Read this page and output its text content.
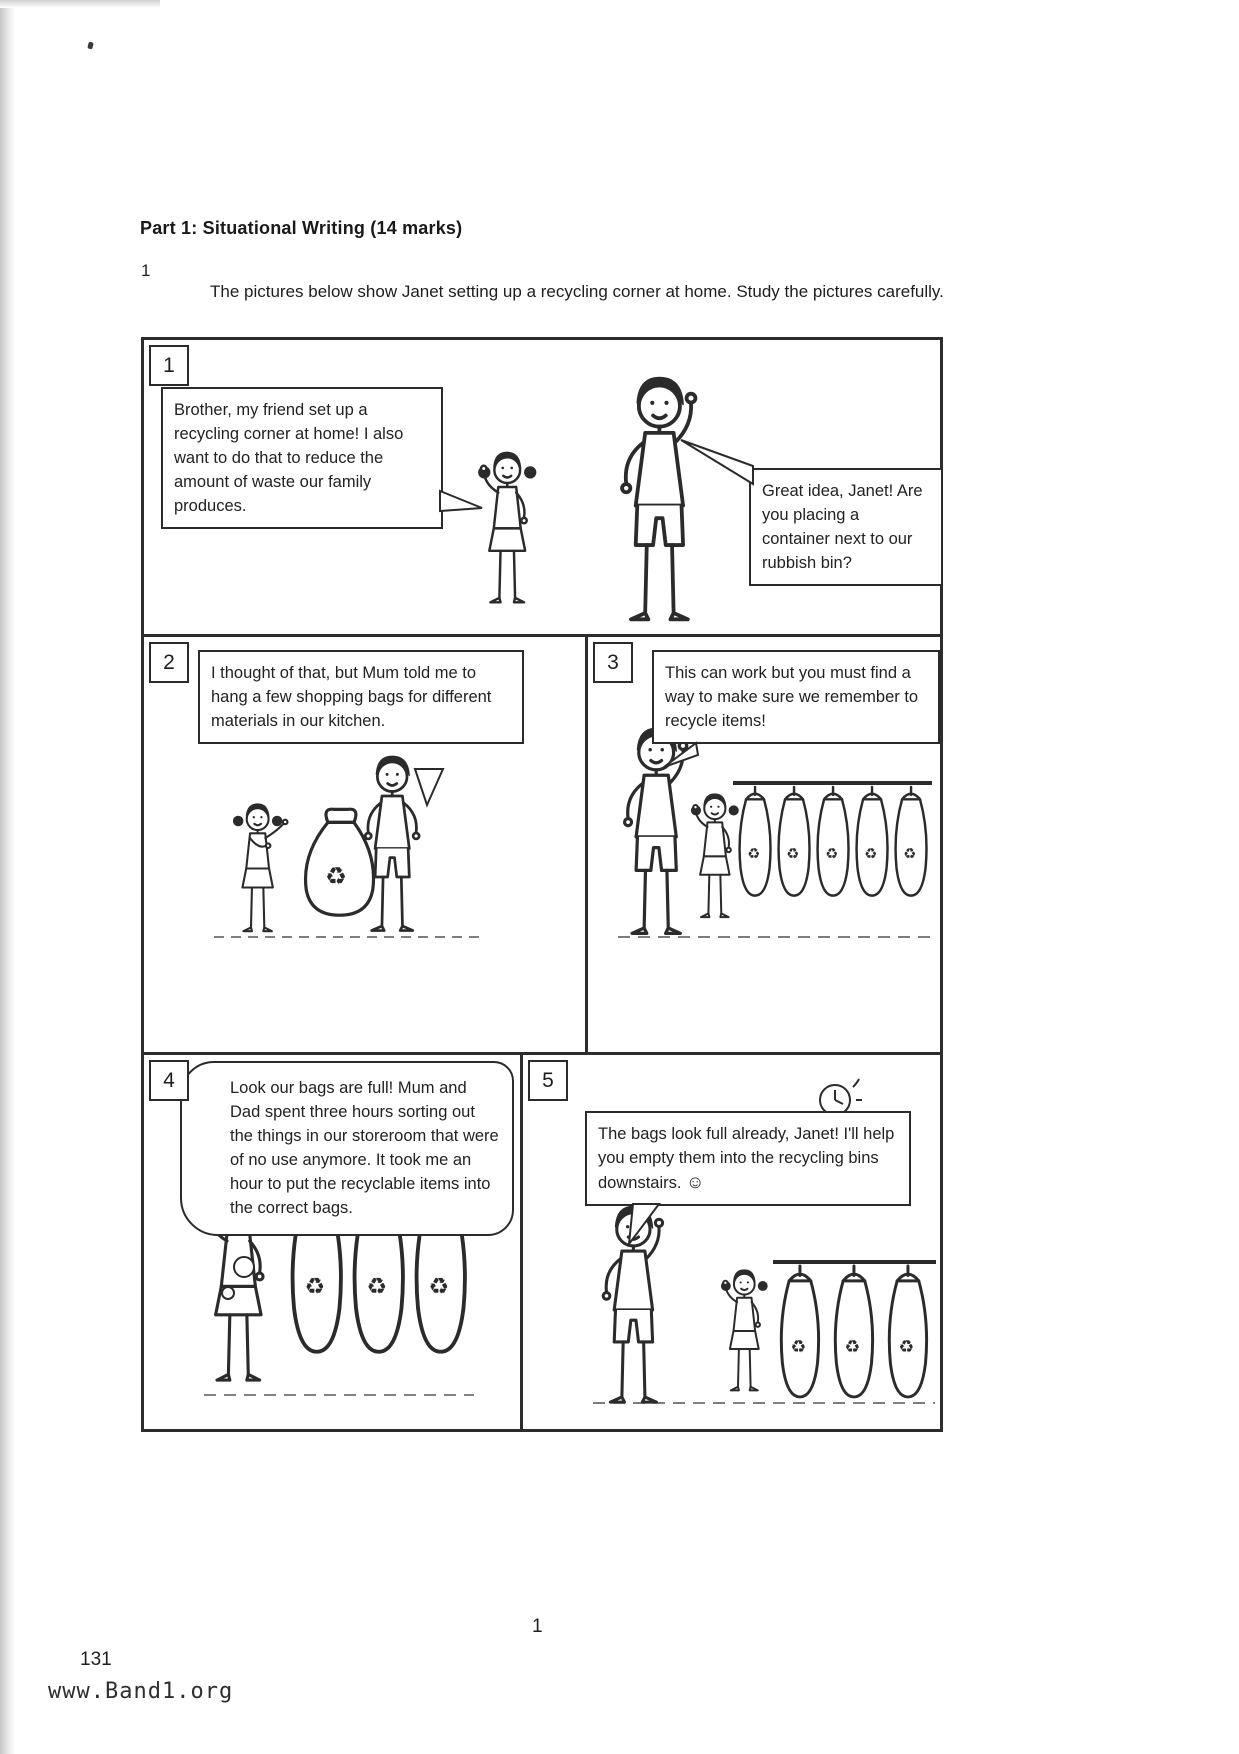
Part 1: Situational Writing (14 marks)
1

The pictures below show Janet setting up a recycling corner at home. Study the pictures carefully.

1
Brother, my friend set up a recycling corner at home! I also want to do that to reduce the amount of waste our family produces.
Great idea, Janet! Are you placing a container next to our rubbish bin?
2	I thought of that, but Mum told me to hang a few shopping bags for different materials in our kitchen.
3	This can work but you must find a way to make sure we remember to recycle items!
4	Look our bags are full! Mum and Dad spent three hours sorting out the things in our storeroom that were of no use anymore. It took me an hour to put the recyclable items into the correct bags.
5
The bags look full already, Janet! I'll help you empty them into the recycling bins downstairs. ☺
1
131
www.Band1.org
